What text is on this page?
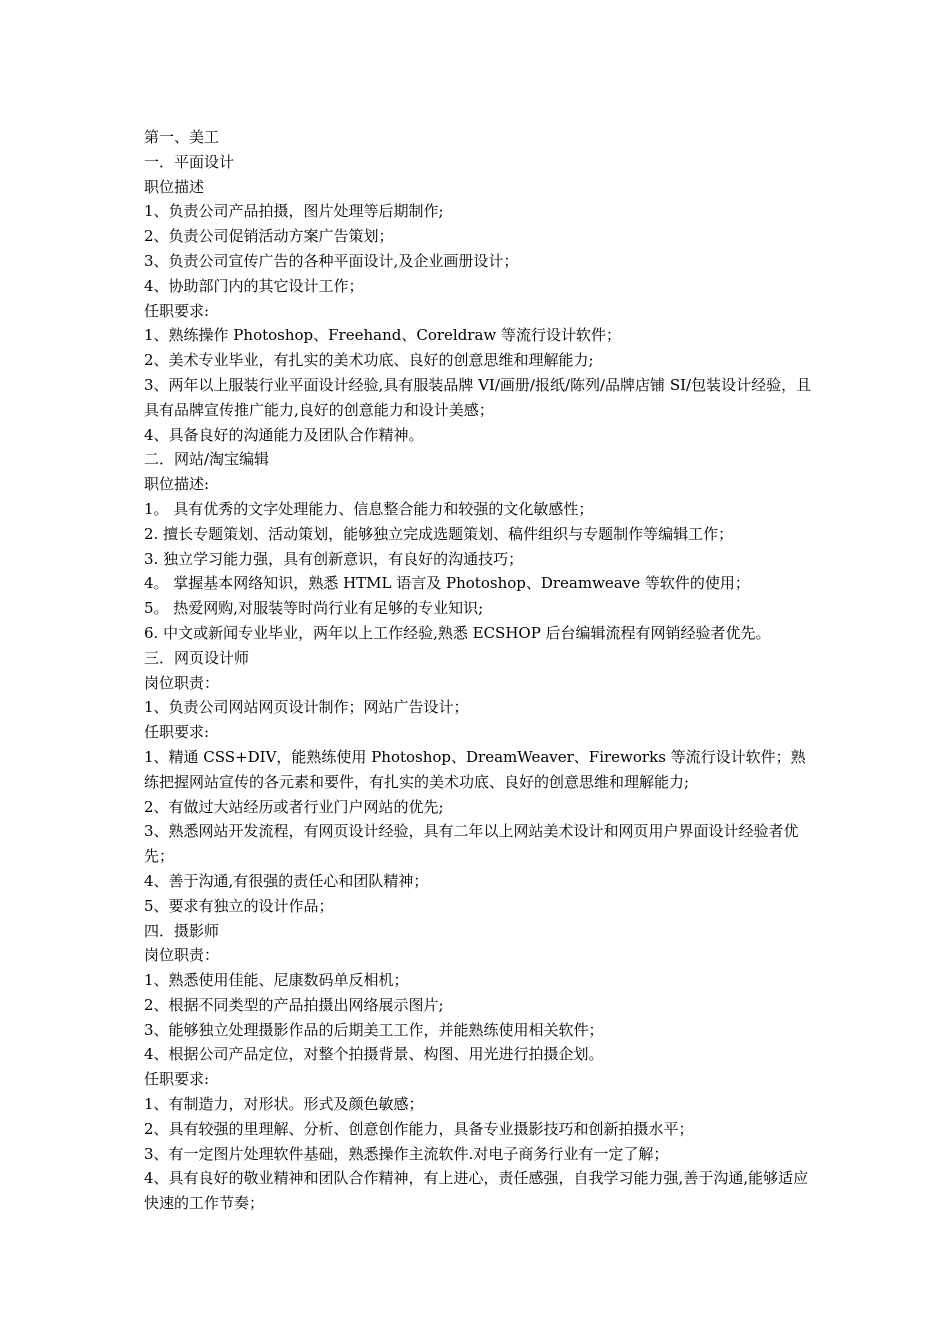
第一、美工

一．平面设计

职位描述

1、负责公司产品拍摄，图片处理等后期制作;

2、负责公司促销活动方案广告策划；

3、负责公司宣传广告的各种平面设计,及企业画册设计；

4、协助部门内的其它设计工作；

任职要求:

1、熟练操作 Photoshop、Freehand、Coreldraw 等流行设计软件；

2、美术专业毕业，有扎实的美术功底、良好的创意思维和理解能力;

3、两年以上服装行业平面设计经验,具有服装品牌 VI/画册/报纸/陈列/品牌店铺 SI/包装设计经验，且具有品牌宣传推广能力,良好的创意能力和设计美感；

4、具备良好的沟通能力及团队合作精神。

二．网站/淘宝编辑

职位描述:

1。 具有优秀的文字处理能力、信息整合能力和较强的文化敏感性；

2. 擅长专题策划、活动策划，能够独立完成选题策划、稿件组织与专题制作等编辑工作；

3. 独立学习能力强，具有创新意识，有良好的沟通技巧；

4。 掌握基本网络知识，熟悉 HTML 语言及 Photoshop、Dreamweave 等软件的使用；

5。 热爱网购,对服装等时尚行业有足够的专业知识;

6. 中文或新闻专业毕业，两年以上工作经验,熟悉 ECSHOP 后台编辑流程有网销经验者优先。

三．网页设计师

岗位职责：

1、负责公司网站网页设计制作；网站广告设计；

任职要求:

1、精通 CSS+DIV，能熟练使用 Photoshop、DreamWeaver、Fireworks 等流行设计软件；熟练把握网站宣传的各元素和要件，有扎实的美术功底、良好的创意思维和理解能力;

2、有做过大站经历或者行业门户网站的优先;

3、熟悉网站开发流程，有网页设计经验，具有二年以上网站美术设计和网页用户界面设计经验者优先；

4、善于沟通,有很强的责任心和团队精神；

5、要求有独立的设计作品；

四．摄影师

岗位职责：

1、熟悉使用佳能、尼康数码单反相机；

2、根据不同类型的产品拍摄出网络展示图片;

3、能够独立处理摄影作品的后期美工工作，并能熟练使用相关软件；

4、根据公司产品定位，对整个拍摄背景、构图、用光进行拍摄企划。

任职要求:

1、有制造力，对形状。形式及颜色敏感；

2、具有较强的里理解、分析、创意创作能力，具备专业摄影技巧和创新拍摄水平；

3、有一定图片处理软件基础，熟悉操作主流软件.对电子商务行业有一定了解；

4、具有良好的敬业精神和团队合作精神，有上进心，责任感强，自我学习能力强,善于沟通,能够适应快速的工作节奏；
